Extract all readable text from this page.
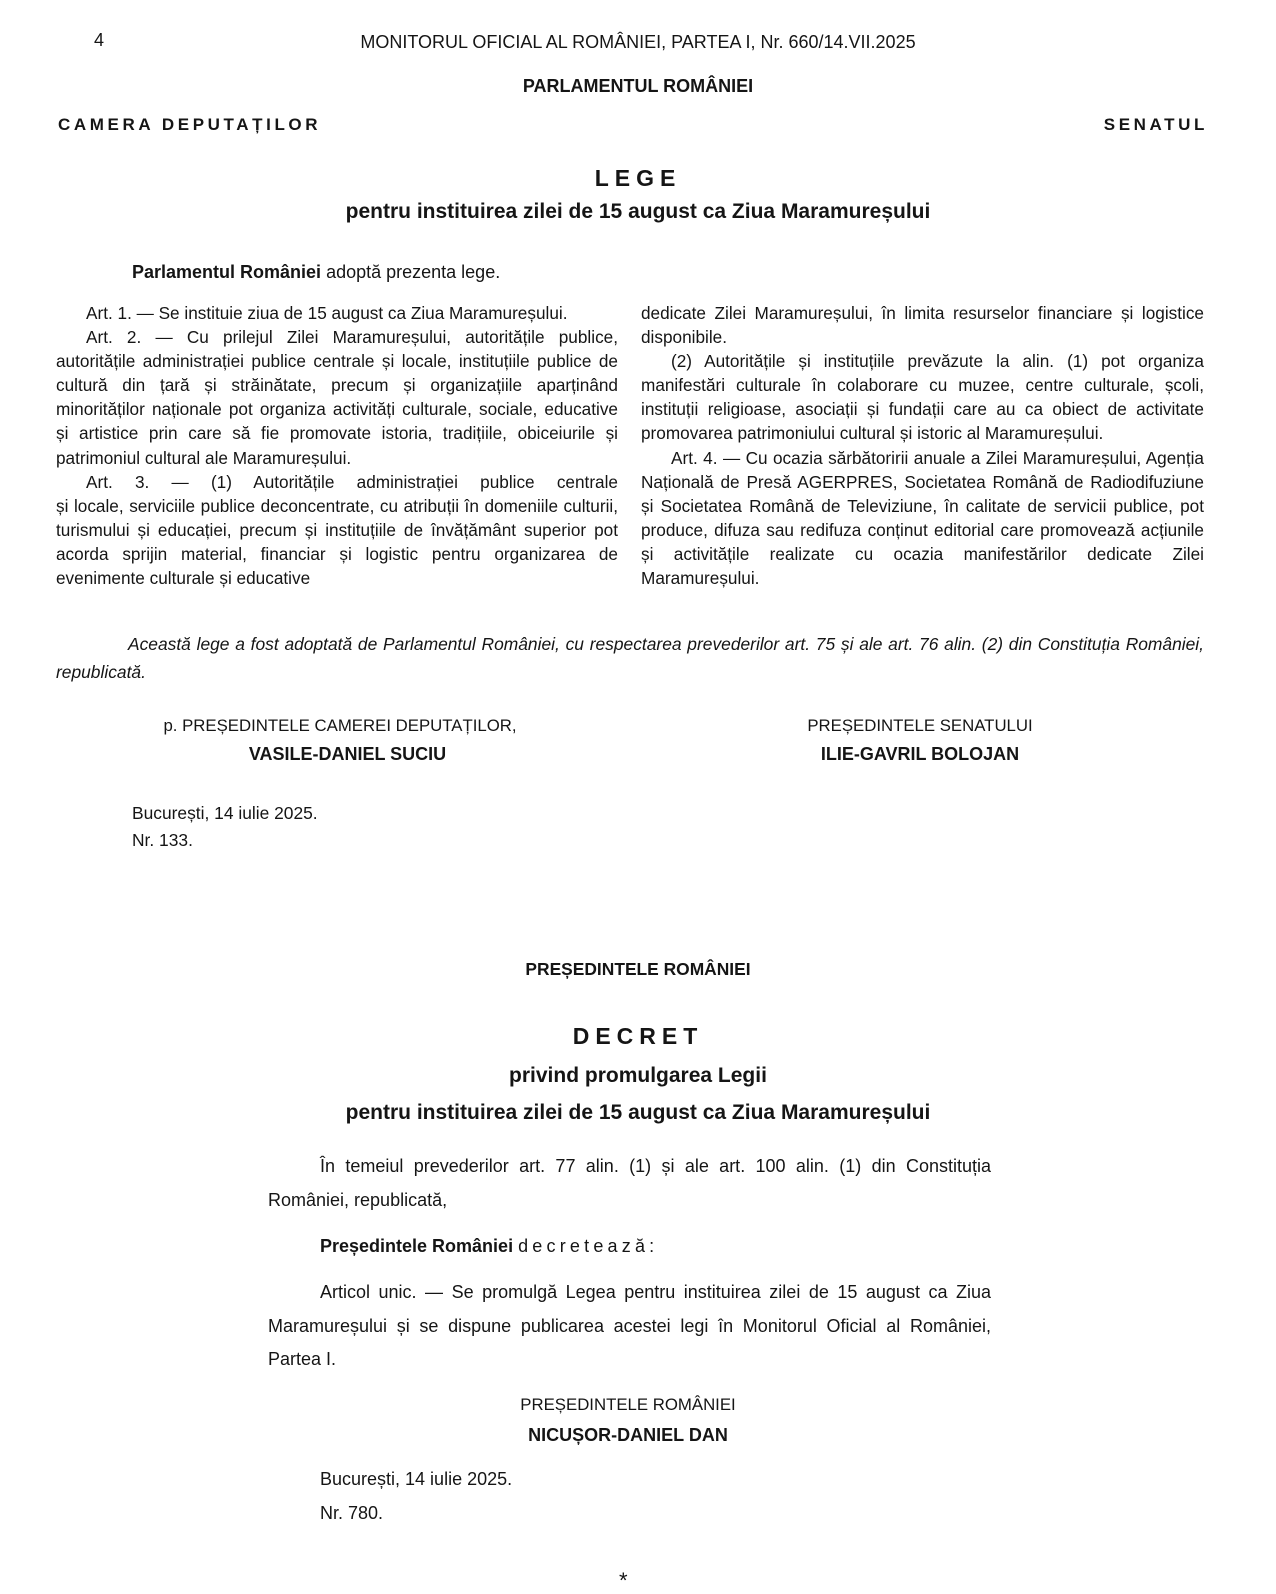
4	MONITORUL OFICIAL AL ROMÂNIEI, PARTEA I, Nr. 660/14.VII.2025
PARLAMENTUL ROMÂNIEI
CAMERA DEPUTAȚILOR	SENATUL
LEGE
pentru instituirea zilei de 15 august ca Ziua Maramureșului
Parlamentul României adoptă prezenta lege.

Art. 1. — Se instituie ziua de 15 august ca Ziua Maramureșului.

Art. 2. — Cu prilejul Zilei Maramureșului, autoritățile publice, autoritățile administrației publice centrale și locale, instituțiile publice de cultură din țară și străinătate, precum și organizațiile aparținând minorităților naționale pot organiza activități culturale, sociale, educative și artistice prin care să fie promovate istoria, tradițiile, obiceiurile și patrimoniul cultural ale Maramureșului.

Art. 3. — (1) Autoritățile administrației publice centrale

și locale, serviciile publice deconcentrate, cu atribuții în domeniile culturii, turismului și educației, precum și instituțiile de învățământ superior pot acorda sprijin material, financiar și logistic pentru organizarea de evenimente culturale și educative

dedicate Zilei Maramureșului, în limita resurselor financiare și logistice disponibile.

(2) Autoritățile și instituțiile prevăzute la alin. (1) pot organiza manifestări culturale în colaborare cu muzee, centre culturale, școli, instituții religioase, asociații și fundații care au ca obiect de activitate promovarea patrimoniului cultural și istoric al Maramureșului.

Art. 4. — Cu ocazia sărbătoririi anuale a Zilei Maramureșului, Agenția Națională de Presă AGERPRES, Societatea Română de Radiodifuziune și Societatea Română de Televiziune, în calitate de servicii publice, pot produce, difuza sau redifuza conținut editorial care promovează acțiunile și activitățile realizate cu ocazia manifestărilor dedicate Zilei Maramureșului.

Această lege a fost adoptată de Parlamentul României, cu respectarea prevederilor art. 75 și ale art. 76 alin. (2) din Constituția României, republicată.

p. PREȘEDINTELE CAMEREI DEPUTAȚILOR,
VASILE-DANIEL SUCIU
PREȘEDINTELE SENATULUI
ILIE-GAVRIL BOLOJAN
București, 14 iulie 2025.
Nr. 133.
PREȘEDINTELE ROMÂNIEI
DECRET
privind promulgarea Legii
pentru instituirea zilei de 15 august ca Ziua Maramureșului

În temeiul prevederilor art. 77 alin. (1) și ale art. 100 alin. (1) din Constituția României, republicată,

Președintele României decretează:

Articol unic. — Se promulgă Legea pentru instituirea zilei de 15 august ca Ziua Maramureșului și se dispune publicarea acestei legi în Monitorul Oficial al României, Partea I.

PREȘEDINTELE ROMÂNIEI
NICUȘOR-DANIEL DAN
București, 14 iulie 2025.
Nr. 780.
*
